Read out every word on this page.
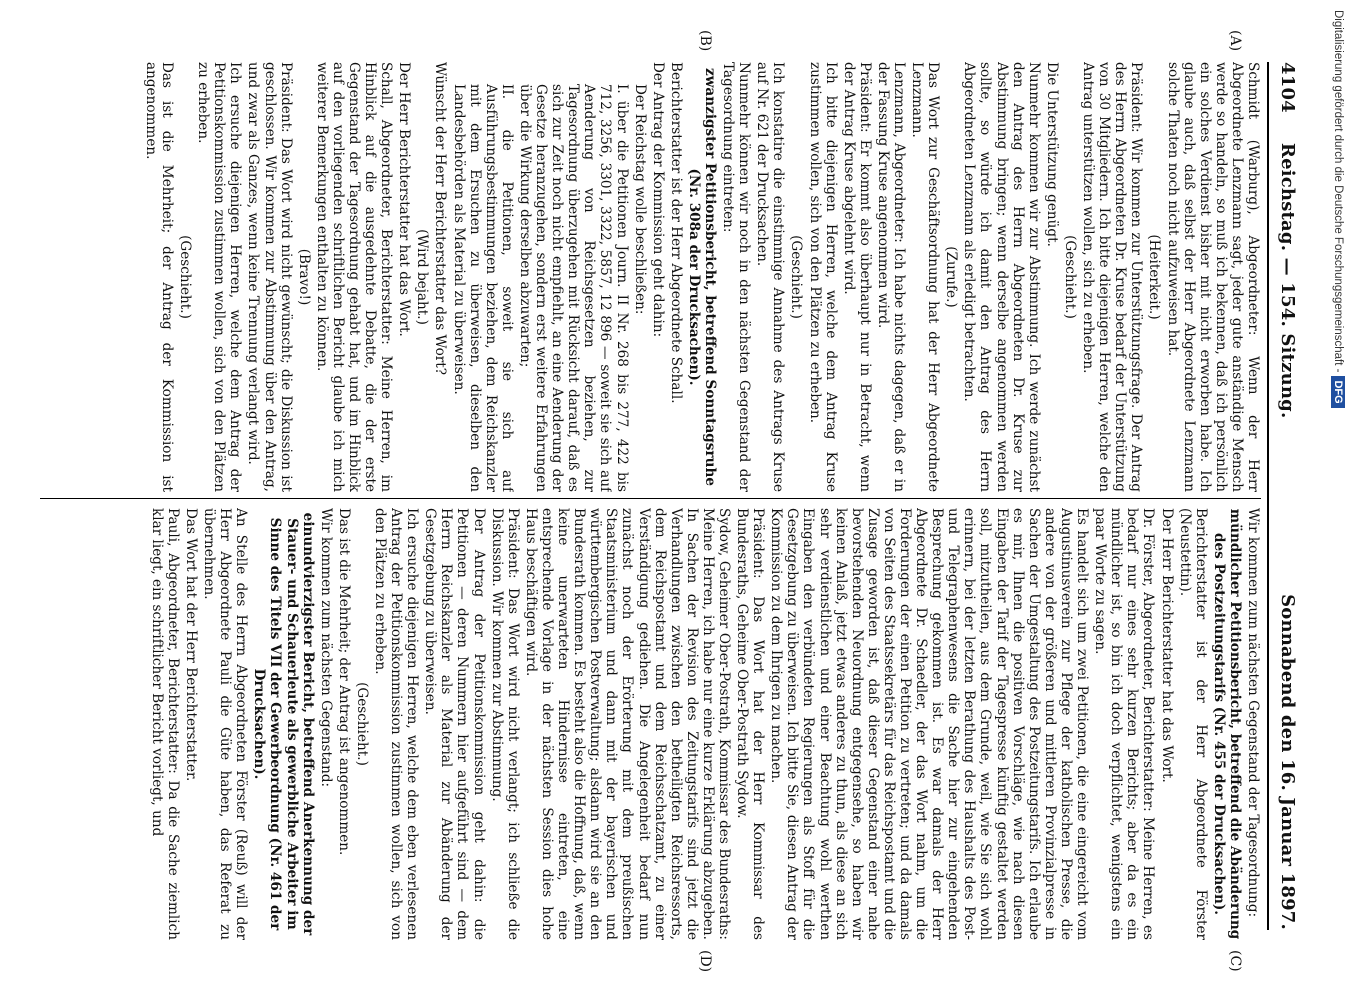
4104
Reichstag. — 154. Sitzung.
Sonnabend den 16. Januar 1897.
(A)
(B)
(C)
(D)

Schmidt (Warburg), Abgeordneter: Wenn der Herr Abgeordnete Lenzmann sagt, jeder gute anständige Mensch werde so handeln, so muß ich bekennen, daß ich persönlich ein solches Verdienst bisher mit nicht erworben habe. Ich glaube auch, daß selbst der Herr Abgeordnete Lenzmann solche Thaten noch nicht aufzuweisen hat.

(Heiterkeit.)

Präsident: Wir kommen zur Unterstützungsfrage. Der Antrag des Herrn Abgeordneten Dr. Kruse bedarf der Unterstützung von 30 Mitgliedern. Ich bitte diejenigen Herren, welche den Antrag unterstützen wollen, sich zu erheben.

(Geschieht.)

Die Unterstützung genügt.

Nunmehr kommen wir zur Abstimmung. Ich werde zunächst den Antrag des Herrn Abgeordneten Dr. Kruse zur Abstimmung bringen; wenn derselbe angenommen werden sollte, so würde ich damit den Antrag des Herrn Abgeordneten Lenzmann als erledigt betrachten.

(Zurufe.)

Das Wort zur Geschäftsordnung hat der Herr Abgeordnete Lenzmann.

Lenzmann, Abgeordneter: Ich habe nichts dagegen, daß er in der Fassung Kruse angenommen wird.

Präsident: Er kommt also überhaupt nur in Betracht, wenn der Antrag Kruse abgelehnt wird.

Ich bitte diejenigen Herren, welche dem Antrag Kruse zustimmen wollen, sich von den Plätzen zu erheben.

(Geschieht.)

Ich konstatire die einstimmige Annahme des Antrags Kruse auf Nr. 621 der Drucksachen.

Nunmehr können wir noch in den nächsten Gegenstand der Tagesordnung eintreten:

zwanzigster Petitionsbericht, betreffend Sonntagsruhe (Nr. 308a der Drucksachen).

Berichterstatter ist der Herr Abgeordnete Schall.

Der Antrag der Kommission geht dahin:

Der Reichstag wolle beschließen:

I. über die Petitionen Journ. II Nr. 268 bis 277, 422 bis 712, 3256, 3301, 3322, 5857, 12 896 — soweit sie sich auf Aenderung von Reichsgesetzen beziehen, zur Tagesordnung überzugehen mit Rücksicht darauf, daß es sich zur Zeit noch nicht empfiehlt, an eine Aenderung der Gesetze heranzugehen, sondern erst weitere Erfahrungen über die Wirkung derselben abzuwarten;

II. die Petitionen, soweit sie sich auf Ausführungsbestimmungen beziehen, dem Reichskanzler mit dem Ersuchen zu überweisen, dieselben den Landesbehörden als Material zu überweisen.

Wünscht der Herr Berichterstatter das Wort?

(Wird bejaht.)

Der Herr Berichterstatter hat das Wort.

Schall, Abgeordneter, Berichterstatter: Meine Herren, im Hinblick auf die ausgedehnte Debatte, die der erste Gegenstand der Tagesordnung gehabt hat, und im Hinblick auf den vorliegenden schriftlichen Bericht glaube ich mich weiterer Bemerkungen enthalten zu können.

(Bravo!)

Präsident: Das Wort wird nicht gewünscht; die Diskussion ist geschlossen. Wir kommen zur Abstimmung über den Antrag, und zwar als Ganzes, wenn keine Trennung verlangt wird.

Ich ersuche diejenigen Herren, welche dem Antrag der Petitionskommission zustimmen wollen, sich von den Plätzen zu erheben.

(Geschieht.)

Das ist die Mehrheit; der Antrag der Kommission ist angenommen.

Wir kommen zum nächsten Gegenstand der Tagesordnung:

mündlicher Petitionsbericht, betreffend die Abänderung des Postzeitungstarifs (Nr. 455 der Drucksachen).

Berichterstatter ist der Herr Abgeordnete Förster (Neustettin).

Der Herr Berichterstatter hat das Wort.

Dr. Förster, Abgeordneter, Berichterstatter: Meine Herren, es bedarf nur eines sehr kurzen Berichts; aber da es ein mündlicher ist, so bin ich doch verpflichtet, wenigstens ein paar Worte zu sagen.

Es handelt sich um zwei Petitionen, die eine eingereicht vom Augustinusverein zur Pflege der katholischen Presse, die andere von der größeren und mittleren Provinzialpresse in Sachen der Umgestaltung des Postzeitungstarifs. Ich erlaube es mir, Ihnen die positiven Vorschläge, wie nach diesen Eingaben der Tarif der Tagespresse künftig gestaltet werden soll, mitzutheilen, aus dem Grunde, weil, wie Sie sich wohl erinnern, bei der letzten Berathung des Haushalts des Post- und Telegraphenwesens die Sache hier zur eingehenden Besprechung gekommen ist. Es war damals der Herr Abgeordnete Dr. Schaedler, der das Wort nahm, um die Forderungen der einen Petition zu vertreten; und da damals von Seiten des Staatssekretärs für das Reichspostamt und die Zusage geworden ist, daß dieser Gegenstand einer nahe bevorstehenden Neuordnung entgegensehe, so haben wir keinen Anlaß, jetzt etwas anderes zu thun, als diese an sich sehr verdienstlichen und einer Beachtung wohl werthen Eingaben den verbündeten Regierungen als Stoff für die Gesetzgebung zu überweisen. Ich bitte Sie, diesen Antrag der Kommission zu dem Ihrigen zu machen.

Präsident: Das Wort hat der Herr Kommissar des Bundesraths, Geheime Ober-Postrath Sydow.

Sydow, Geheimer Ober-Postrath, Kommissar des Bundesraths: Meine Herren, ich habe nur eine kurze Erklärung abzugeben. In Sachen der Revision des Zeitungstarifs sind jetzt die Verhandlungen zwischen den betheiligten Reichsressorts, dem Reichspostamt und dem Reichsschatzamt, zu einer Verständigung gediehen. Die Angelegenheit bedarf nun zunächst noch der Erörterung mit dem preußischen Staatsministerium und dann mit der bayerischen und württembergischen Postverwaltung; alsdann wird sie an den Bundesrath kommen. Es besteht also die Hoffnung, daß, wenn keine unerwarteten Hindernisse eintreten, eine entsprechende Vorlage in der nächsten Session dies hohe Haus beschäftigen wird.

Präsident: Das Wort wird nicht verlangt; ich schließe die Diskussion. Wir kommen zur Abstimmung.

Der Antrag der Petitionskommission geht dahin: die Petitionen — deren Nummern hier aufgeführt sind — dem Herrn Reichskanzler als Material zur Abänderung der Gesetzgebung zu überweisen.

Ich ersuche diejenigen Herren, welche dem eben verlesenen Antrag der Petitionskommission zustimmen wollen, sich von den Plätzen zu erheben.

(Geschieht.)

Das ist die Mehrheit; der Antrag ist angenommen.

Wir kommen zum nächsten Gegenstand:

einundvierzigster Bericht, betreffend Anerkennung der Stauer- und Schauerleute als gewerbliche Arbeiter im Sinne des Titels VII der Gewerbeordnung (Nr. 461 der Drucksachen).

An Stelle des Herrn Abgeordneten Förster (Reuß) will der Herr Abgeordnete Pauli die Güte haben, das Referat zu übernehmen.

Das Wort hat der Herr Berichterstatter.

Pauli, Abgeordneter, Berichterstatter: Da die Sache ziemlich klar liegt, ein schriftlicher Bericht vorliegt, und

Digitalisierung gefördert durch die Deutsche Forschungsgemeinschaft -
DFG
